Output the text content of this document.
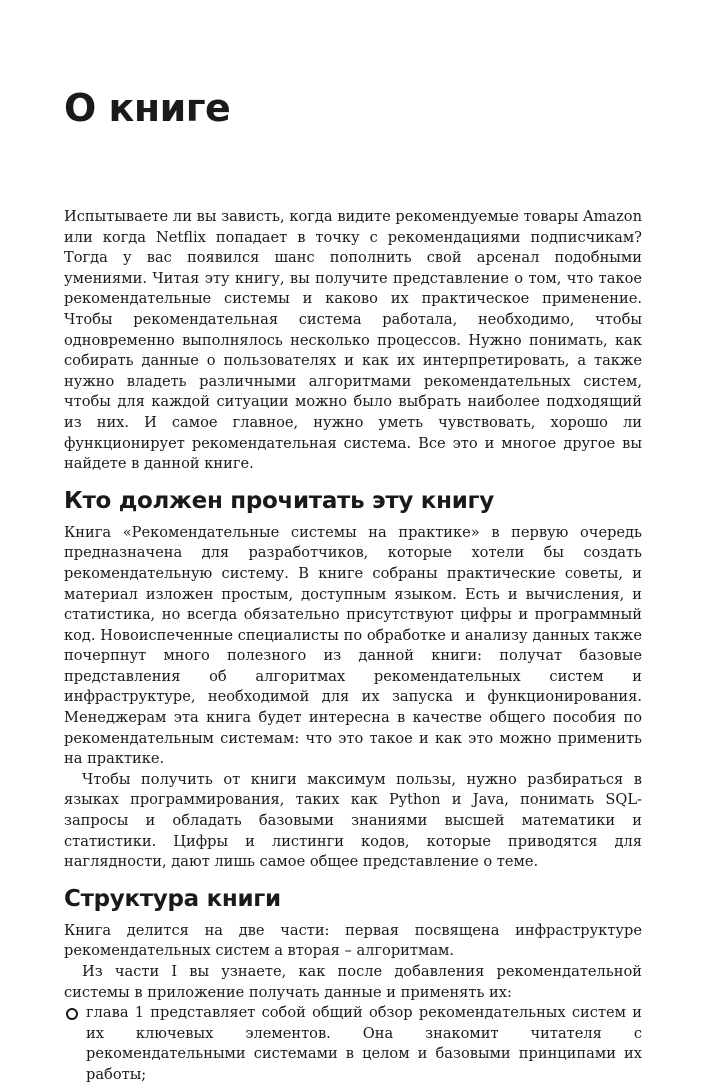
О книге

Испытываете ли вы зависть, когда видите рекомендуемые товары Amazon или когда Netflix попадает в точку с рекомендациями подписчикам? Тогда у вас появился шанс пополнить свой арсенал подобными умениями. Читая эту книгу, вы получите представление о том, что такое рекомендательные системы и каково их практическое применение. Чтобы рекомендательная система работала, необходимо, чтобы одновременно выполнялось несколько процессов. Нужно понимать, как собирать данные о пользователях и как их интерпретировать, а также нужно владеть различными алгоритмами рекомендательных систем, чтобы для каждой ситуации можно было выбрать наиболее подходящий из них. И самое главное, нужно уметь чувствовать, хорошо ли функционирует рекомендательная система. Все это и многое другое вы найдете в данной книге.

Кто должен прочитать эту книгу

Книга «Рекомендательные системы на практике» в первую очередь предназначена для разработчиков, которые хотели бы создать рекомендательную систему. В книге собраны практические советы, и материал изложен простым, доступным языком. Есть и вычисления, и статистика, но всегда обязательно присутствуют цифры и программный код. Новоиспеченные специалисты по обработке и анализу данных также почерпнут много полезного из данной книги: получат базовые представления об алгоритмах рекомендательных систем и инфраструктуре, необходимой для их запуска и функционирования. Менеджерам эта книга будет интересна в качестве общего пособия по рекомендательным системам: что это такое и как это можно применить на практике.

Чтобы получить от книги максимум пользы, нужно разбираться в языках программирования, таких как Python и Java, понимать SQL-запросы и обладать базовыми знаниями высшей математики и статистики. Цифры и листинги кодов, которые приводятся для наглядности, дают лишь самое общее представление о теме.

Структура книги

Книга делится на две части: первая посвящена инфраструктуре рекомендательных систем а вторая – алгоритмам.

Из части I вы узнаете, как после добавления рекомендательной системы в приложение получать данные и применять их:

глава 1 представляет собой общий обзор рекомендательных систем и их ключевых элементов. Она знакомит читателя с рекомендательными системами в целом и базовыми принципами их работы;
